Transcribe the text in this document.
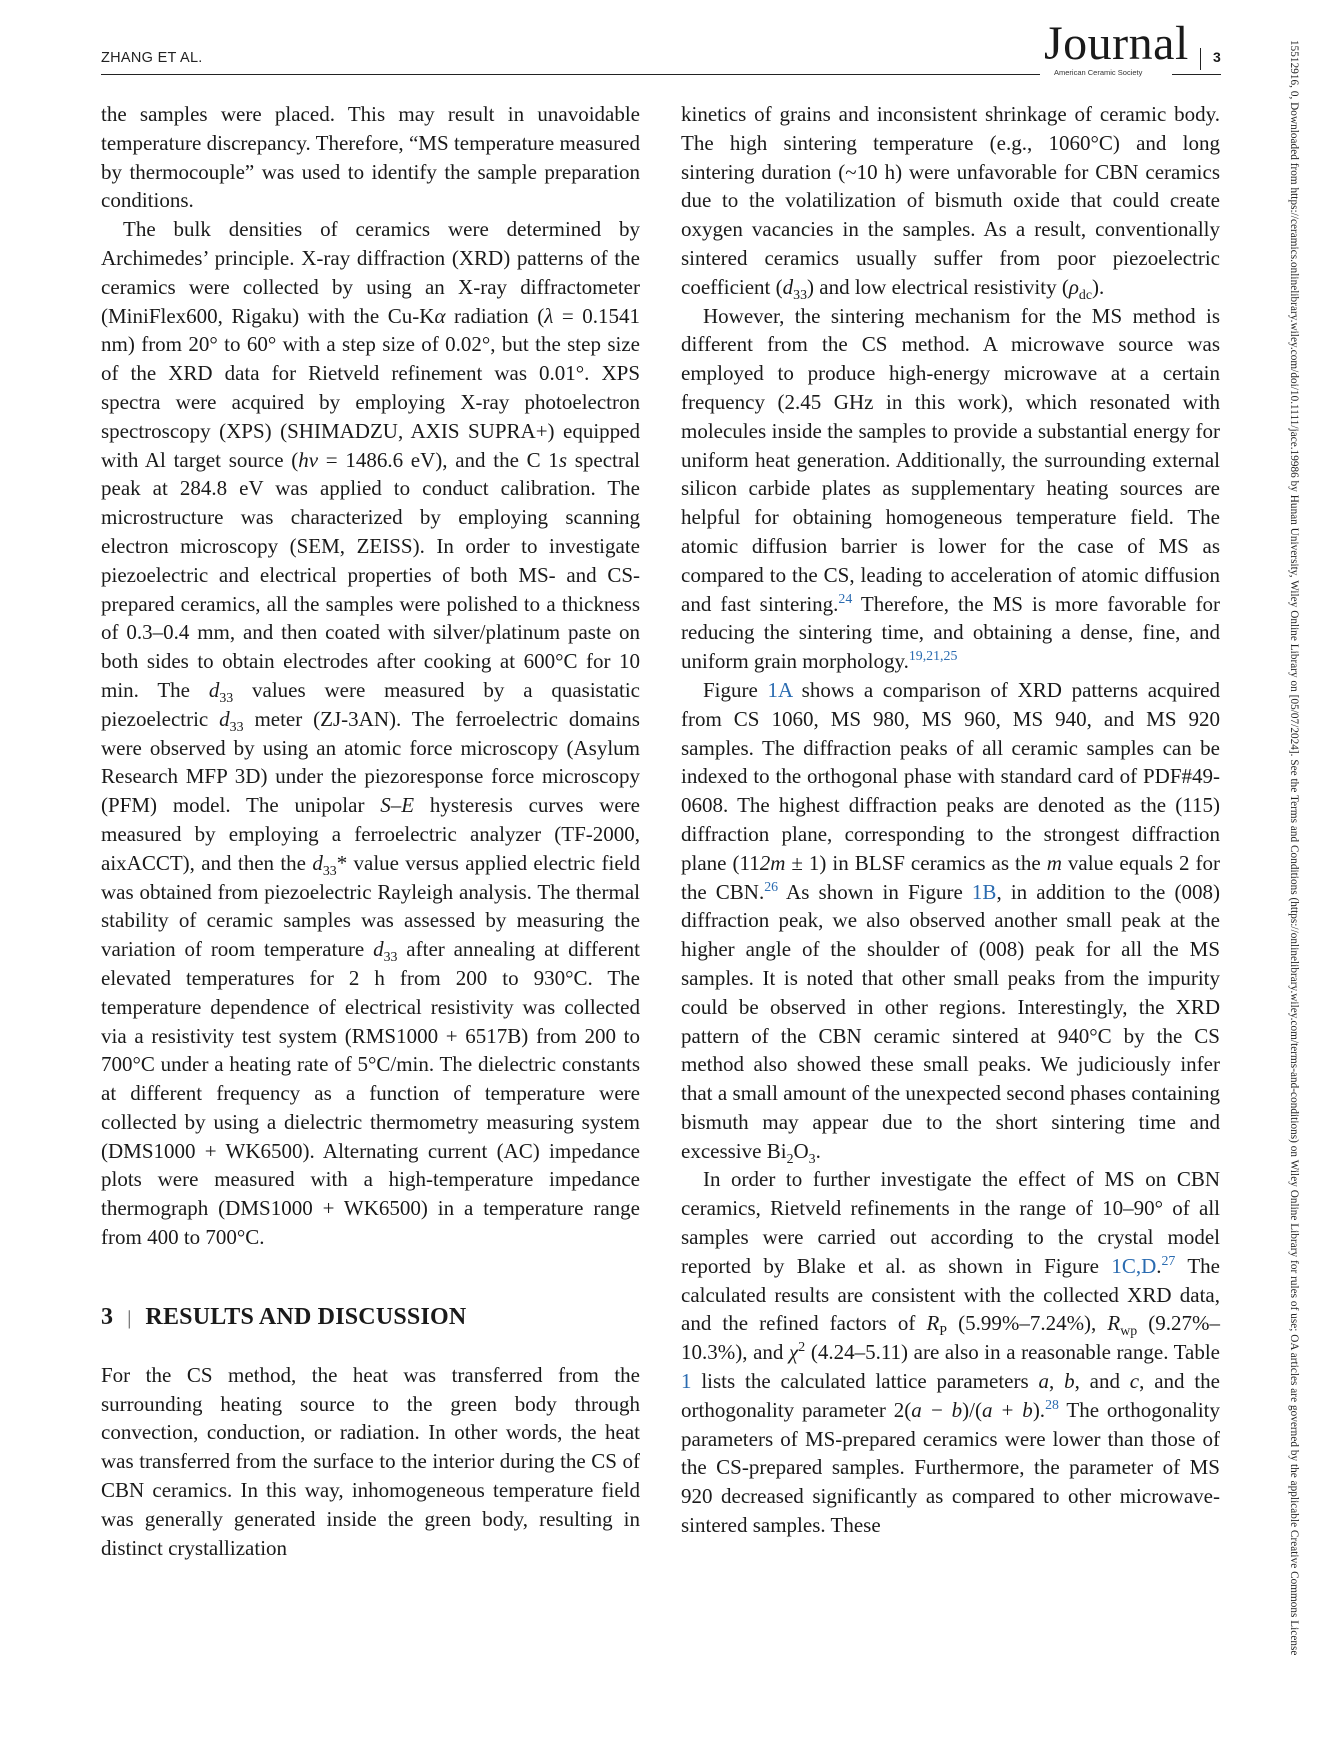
ZHANG ET AL.	Journal
American Ceramic Society
3	15512916, 0, Downloaded from https://ceramics.onlinelibrary.wiley.com/doi/10.1111/jace.19986 by Hunan University, Wiley Online Library on [05/07/2024]. See the Terms and Conditions (https://onlinelibrary.wiley.com/terms-and-conditions) on Wiley Online Library for rules of use; OA articles are governed by the applicable Creative Commons License

the samples were placed. This may result in unavoidable temperature discrepancy. Therefore, “MS temperature measured by thermocouple” was used to identify the sample preparation conditions.

The bulk densities of ceramics were determined by Archimedes’ principle. X-ray diffraction (XRD) patterns of the ceramics were collected by using an X-ray diffractometer (MiniFlex600, Rigaku) with the Cu-Kα radiation (λ = 0.1541 nm) from 20° to 60° with a step size of 0.02°, but the step size of the XRD data for Rietveld refinement was 0.01°. XPS spectra were acquired by employing X-ray photoelectron spectroscopy (XPS) (SHIMADZU, AXIS SUPRA+) equipped with Al target source (hν = 1486.6 eV), and the C 1s spectral peak at 284.8 eV was applied to conduct calibration. The microstructure was characterized by employing scanning electron microscopy (SEM, ZEISS). In order to investigate piezoelectric and electrical properties of both MS- and CS-prepared ceramics, all the samples were polished to a thickness of 0.3–0.4 mm, and then coated with silver/platinum paste on both sides to obtain electrodes after cooking at 600°C for 10 min. The $d_{33}$ values were measured by a quasistatic piezoelectric $d_{33}$ meter (ZJ-3AN). The ferroelectric domains were observed by using an atomic force microscopy (Asylum Research MFP 3D) under the piezoresponse force microscopy (PFM) model. The unipolar S–E hysteresis curves were measured by employing a ferroelectric analyzer (TF-2000, aixACCT), and then the $d_{33}*$ value versus applied electric field was obtained from piezoelectric Rayleigh analysis. The thermal stability of ceramic samples was assessed by measuring the variation of room temperature $d_{33}$ after annealing at different elevated temperatures for 2 h from 200 to 930°C. The temperature dependence of electrical resistivity was collected via a resistivity test system (RMS1000 + 6517B) from 200 to 700°C under a heating rate of 5°C/min. The dielectric constants at different frequency as a function of temperature were collected by using a dielectric thermometry measuring system (DMS1000 + WK6500). Alternating current (AC) impedance plots were measured with a high-temperature impedance thermograph (DMS1000 + WK6500) in a temperature range from 400 to 700°C.

3 | RESULTS AND DISCUSSION

For the CS method, the heat was transferred from the surrounding heating source to the green body through convection, conduction, or radiation. In other words, the heat was transferred from the surface to the interior during the CS of CBN ceramics. In this way, inhomogeneous temperature field was generally generated inside the green body, resulting in distinct crystallization

kinetics of grains and inconsistent shrinkage of ceramic body. The high sintering temperature (e.g., 1060°C) and long sintering duration (~10 h) were unfavorable for CBN ceramics due to the volatilization of bismuth oxide that could create oxygen vacancies in the samples. As a result, conventionally sintered ceramics usually suffer from poor piezoelectric coefficient $(d_{33})$ and low electrical resistivity $(\rho_{dc})$.

However, the sintering mechanism for the MS method is different from the CS method. A microwave source was employed to produce high-energy microwave at a certain frequency (2.45 GHz in this work), which resonated with molecules inside the samples to provide a substantial energy for uniform heat generation. Additionally, the surrounding external silicon carbide plates as supplementary heating sources are helpful for obtaining homogeneous temperature field. The atomic diffusion barrier is lower for the case of MS as compared to the CS, leading to acceleration of atomic diffusion and fast sintering.$^{24}$ Therefore, the MS is more favorable for reducing the sintering time, and obtaining a dense, fine, and uniform grain morphology.$^{19,21,25}$

Figure 1A shows a comparison of XRD patterns acquired from CS 1060, MS 980, MS 960, MS 940, and MS 920 samples. The diffraction peaks of all ceramic samples can be indexed to the orthogonal phase with standard card of PDF#49-0608. The highest diffraction peaks are denoted as the (115) diffraction plane, corresponding to the strongest diffraction plane (112m ± 1) in BLSF ceramics as the m value equals 2 for the CBN.$^{26}$ As shown in Figure 1B, in addition to the (008) diffraction peak, we also observed another small peak at the higher angle of the shoulder of (008) peak for all the MS samples. It is noted that other small peaks from the impurity could be observed in other regions. Interestingly, the XRD pattern of the CBN ceramic sintered at 940°C by the CS method also showed these small peaks. We judiciously infer that a small amount of the unexpected second phases containing bismuth may appear due to the short sintering time and excessive $Bi_2O_3$.

In order to further investigate the effect of MS on CBN ceramics, Rietveld refinements in the range of 10–90° of all samples were carried out according to the crystal model reported by Blake et al. as shown in Figure 1C,D.$^{27}$ The calculated results are consistent with the collected XRD data, and the refined factors of $R_P$ (5.99%–7.24%), $R_{wp}$ (9.27%–10.3%), and $\chi^2$ (4.24–5.11) are also in a reasonable range. Table 1 lists the calculated lattice parameters a, b, and c, and the orthogonality parameter 2(a − b)/(a + b).$^{28}$ The orthogonality parameters of MS-prepared ceramics were lower than those of the CS-prepared samples. Furthermore, the parameter of MS 920 decreased significantly as compared to other microwave-sintered samples. These
